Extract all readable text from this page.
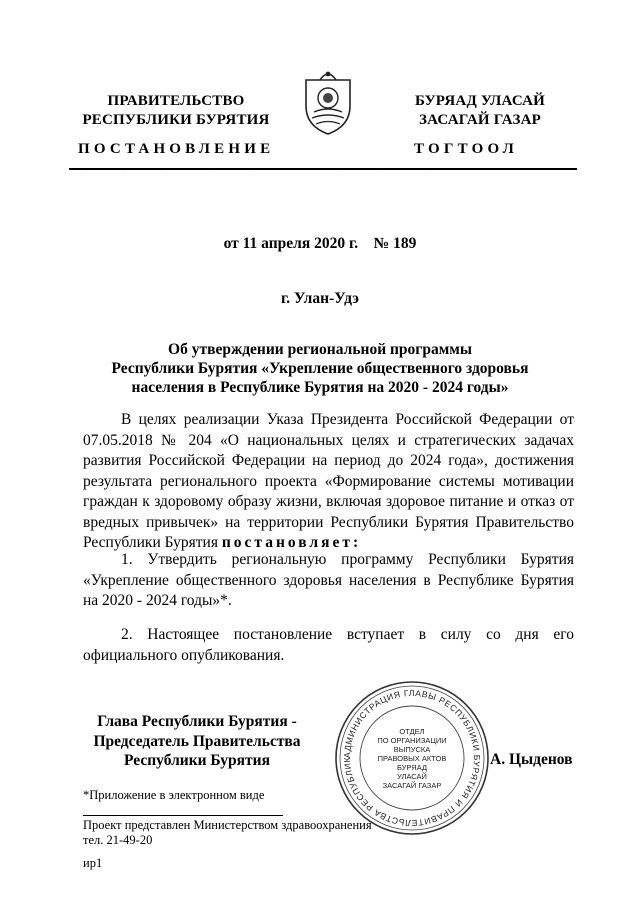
ПРАВИТЕЛЬСТВО
РЕСПУБЛИКИ БУРЯТИЯ
БУРЯАД УЛАСАЙ
ЗАСАГАЙ ГАЗАР
ПОСТАНОВЛЕНИЕ	ТОГТООЛ
·········
от 11 апреля 2020 г.    № 189
г. Улан-Удэ
Об утверждении региональной программы
Республики Бурятия «Укрепление общественного здоровья
населения в Республике Бурятия на 2020 - 2024 годы»
В целях реализации Указа Президента Российской Федерации от 07.05.2018 № 204 «О национальных целях и стратегических задачах развития Российской Федерации на период до 2024 года», достижения результата регионального проекта «Формирование системы мотивации граждан к здоровому образу жизни, включая здоровое питание и отказ от вредных привычек» на территории Республики Бурятия Правительство Республики Бурятия постановляет:
1. Утвердить региональную программу Республики Бурятия «Укрепление общественного здоровья населения в Республике Бурятия на 2020 - 2024 годы»*.
2. Настоящее постановление вступает в силу со дня его официального опубликования.
АДМИНИСТРАЦИЯ ГЛАВЫ РЕСПУБЛИКИ БУРЯТИЯ И ПРАВИТЕЛЬСТВА РЕСПУБЛИК
ОТДЕЛ
ПО ОРГАНИЗАЦИИ
ВЫПУСКА
ПРАВОВЫХ АКТОВ
БУРЯАД
УЛАСАЙ
ЗАСАГАЙ ГАЗАР
Глава Республики Бурятия -
Председатель Правительства
Республики Бурятия	А. Цыденов
*Приложение в электронном виде
Проект представлен Министерством здравоохранения
тел. 21-49-20
ир1
